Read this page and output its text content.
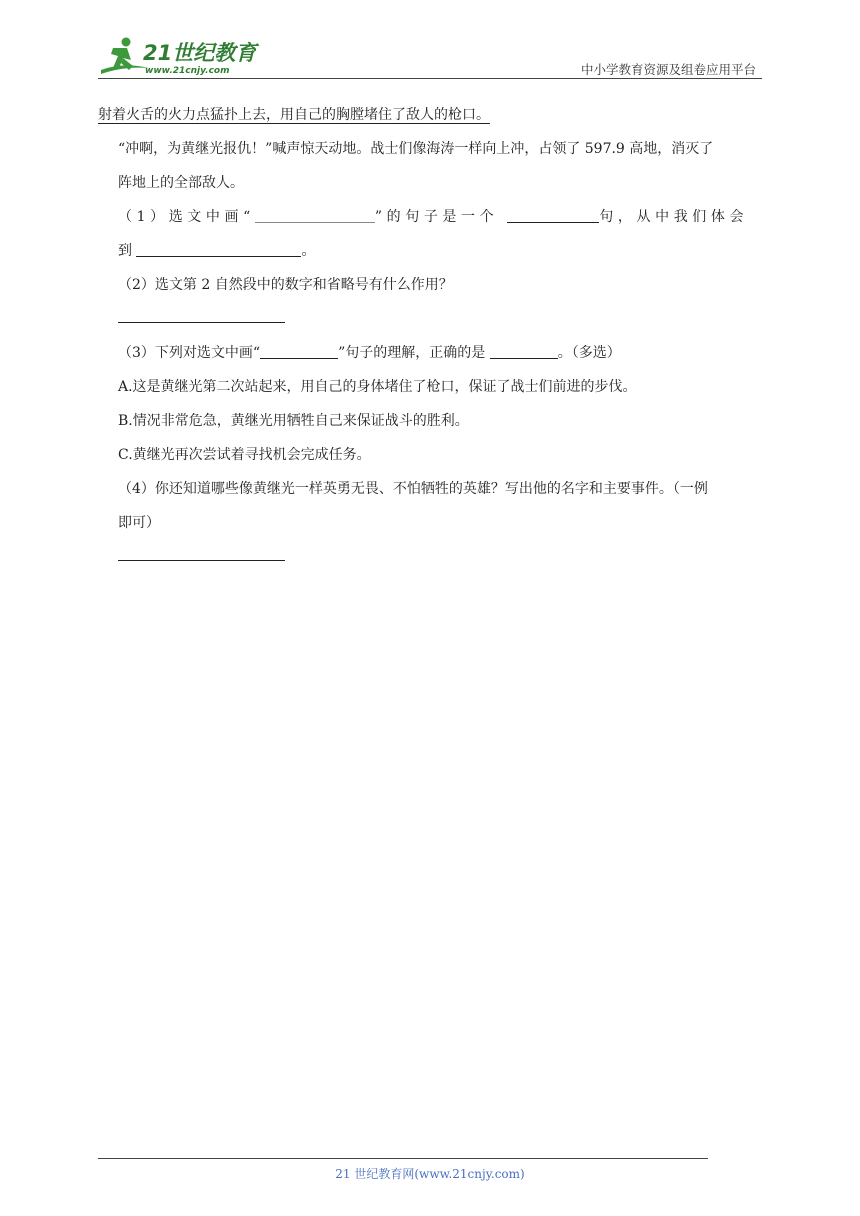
21世纪教育
www.21cnjy.com	中小学教育资源及组卷应用平台
射着火舌的火力点猛扑上去，用自己的胸膛堵住了敌人的枪口。
“冲啊，为黄继光报仇！”喊声惊天动地。战士们像海涛一样向上冲，占领了 597.9 高地，消灭了
阵地上的全部敌人。
（1）选文中画“	”的句子是一个	句，从中我们体会
到	。
（2）选文第 2 自然段中的数字和省略号有什么作用？
（3）下列对选文中画“	”句子的理解，正确的是	。（多选）
A.这是黄继光第二次站起来，用自己的身体堵住了枪口，保证了战士们前进的步伐。
B.情况非常危急，黄继光用牺牲自己来保证战斗的胜利。
C.黄继光再次尝试着寻找机会完成任务。
（4）你还知道哪些像黄继光一样英勇无畏、不怕牺牲的英雄？写出他的名字和主要事件。（一例
即可）
21 世纪教育网(www.21cnjy.com)
